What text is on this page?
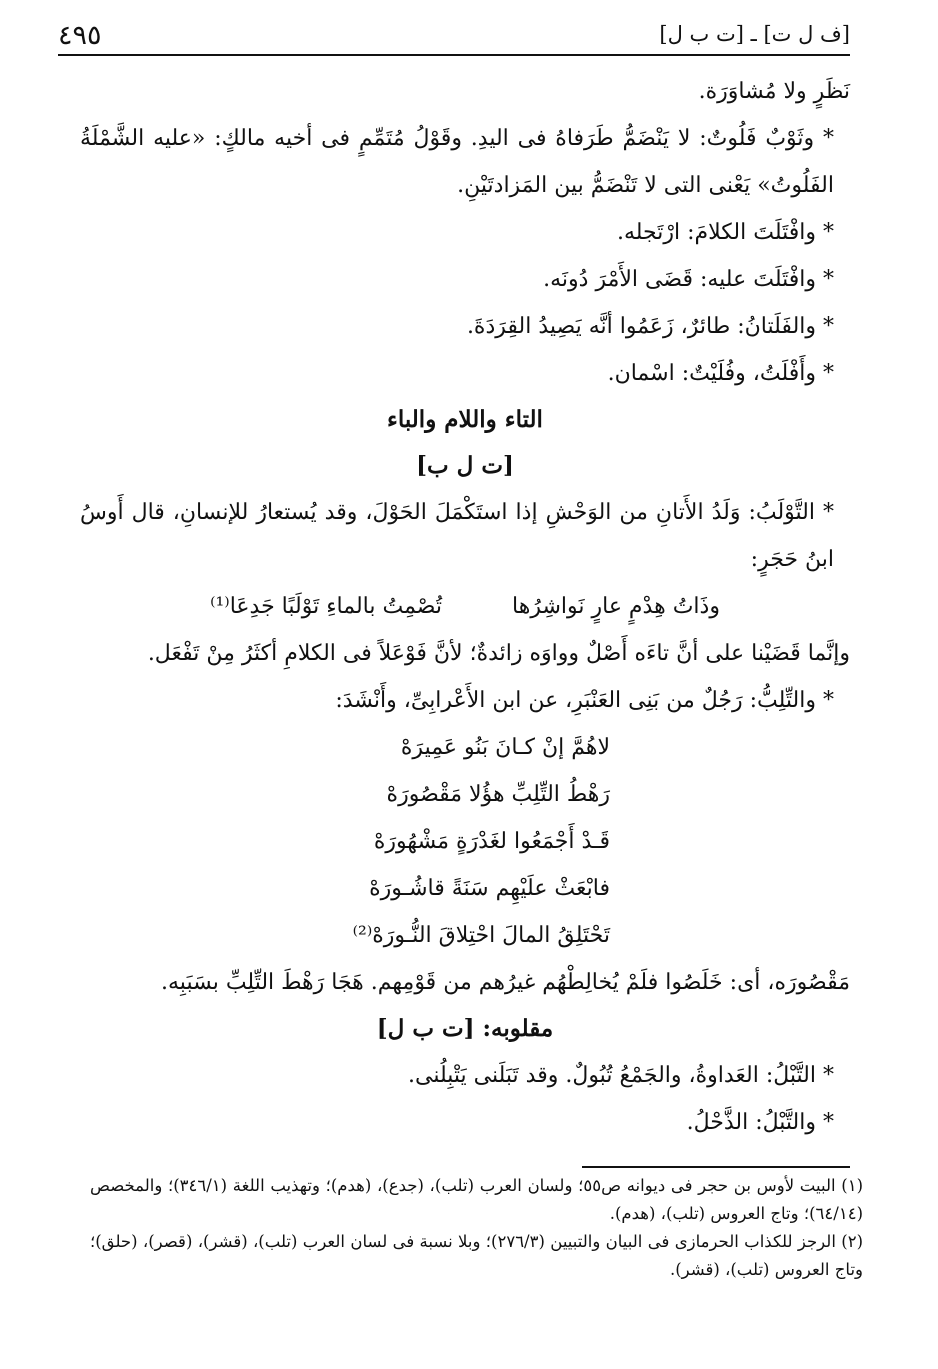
٤٩٥	[ف ل ت] ـ [ت ب ل]

نَظَرٍ ولا مُشاوَرَة.

* وثَوْبٌ فَلُوتٌ: لا يَنْضَمُّ طَرَفاهُ فى اليدِ. وقَوْلُ مُتَمِّمٍ فى أخيه مالكٍ: «عليه الشَّمْلَةُ الفَلُوتُ» يَعْنى التى لا تَنْضَمُّ بين المَزادتَيْنِ.

* وافْتَلَتَ الكلامَ: ارْتَجله.

* وافْتَلَتَ عليه: قَضَى الأَمْرَ دُونَه.

* والفَلَتانُ: طائرٌ، زَعَمُوا أنَّه يَصِيدُ القِرَدَةَ.

* وأَفْلَتُ، وفُلَيْتٌ: اسْمان.

التاء واللام والباء

[ت ل ب]

* التَّوْلَبُ: وَلَدُ الأَتانِ من الوَحْشِ إذا استَكْمَلَ الحَوْلَ، وقد يُستعارُ للإنسانِ، قال أَوسُ ابنُ حَجَرٍ:

وذَاتُ هِدْمٍ عارٍ نَواشِرُها
تُصْمِتُ بالماءِ تَوْلَبًا جَدِعَا⁽¹⁾

وإنَّما قَضَيْنا على أنَّ تاءَه أَصْلٌ وواوَه زائدةٌ؛ لأنَّ فَوْعَلاً فى الكلامِ أكثَرُ مِنْ تَفْعَل.

* والتِّلِبُّ: رَجُلٌ من بَنِى العَنْبَرِ، عن ابن الأَعْرابِىِّ، وأَنْشَدَ:

لاهُمَّ إنْ كـانَ بَنُو عَمِيرَهْ

رَهْطُ التِّلِبِّ هؤُلا مَقْصُورَهْ

قَـدْ أَجْمَعُوا لغَدْرَةٍ مَشْهُورَهْ

فابْعَثْ علَيْهِم سَنَةً قاشُـورَهْ

تَحْتَلِقُ المالَ احْتِلاقَ النُّـورَهْ⁽²⁾

مَقْصُورَه، أى: خَلَصُوا فلَمْ يُخالِطْهُم غيرُهم من قَوْمِهم. هَجَا رَهْطَ التِّلِبِّ بسَبَبِه.

مقلوبه: [ت ب ل]

* التَّبْلُ: العَداوةُ، والجَمْعُ تُبُولٌ. وقد تَبَلَنى يَتْبِلُنى.

* والتَّبْلُ: الذَّحْلُ.

(١) البيت لأوس بن حجر فى ديوانه ص٥٥؛ ولسان العرب (تلب)، (جدع)، (هدم)؛ وتهذيب اللغة (٣٤٦/١)؛ والمخصص (٦٤/١٤)؛ وتاج العروس (تلب)، (هدم).

(٢) الرجز للكذاب الحرمازى فى البيان والتبيين (٢٧٦/٣)؛ وبلا نسبة فى لسان العرب (تلب)، (قشر)، (قصر)، (حلق)؛ وتاج العروس (تلب)، (قشر).
